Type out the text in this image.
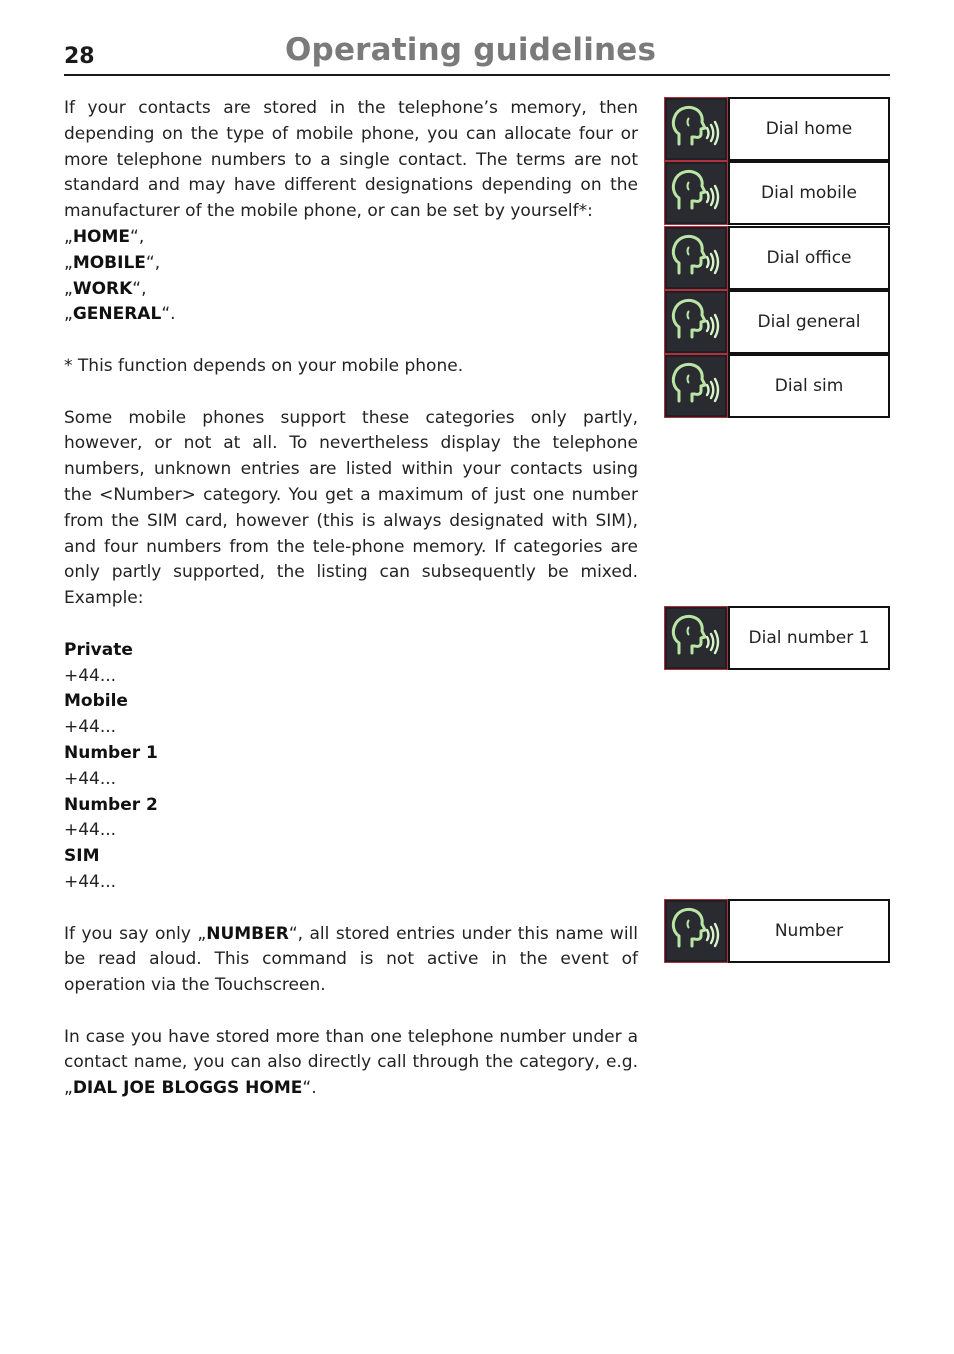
28	Operating guidelines

If your contacts are stored in the telephone’s memory, then depending on the type of mobile phone, you can allocate four or more telephone numbers to a single contact. The terms are not standard and may have different designations depending on the manufacturer of the mobile phone, or can be set by yourself*:

„HOME“,
„MOBILE“,
„WORK“,
„GENERAL“.

* This function depends on your mobile phone.

Some mobile phones support these categories only partly, however, or not at all. To nevertheless display the telephone numbers, unknown entries are listed within your contacts using the <Number> category. You get a maximum of just one number from the SIM card, however (this is always designated with SIM), and four numbers from the tele-phone memory. If categories are only partly supported, the listing can subsequently be mixed. Example:

Private
+44...
Mobile
+44...
Number 1
+44...
Number 2
+44...
SIM
+44...

If you say only „NUMBER“, all stored entries under this name will be read aloud. This command is not active in the event of operation via the Touchscreen.

In case you have stored more than one telephone number under a contact name, you can also directly call through the category, e.g. „DIAL JOE BLOGGS HOME“.

Dial home
Dial mobile
Dial office
Dial general
Dial sim
Dial number 1
Number
